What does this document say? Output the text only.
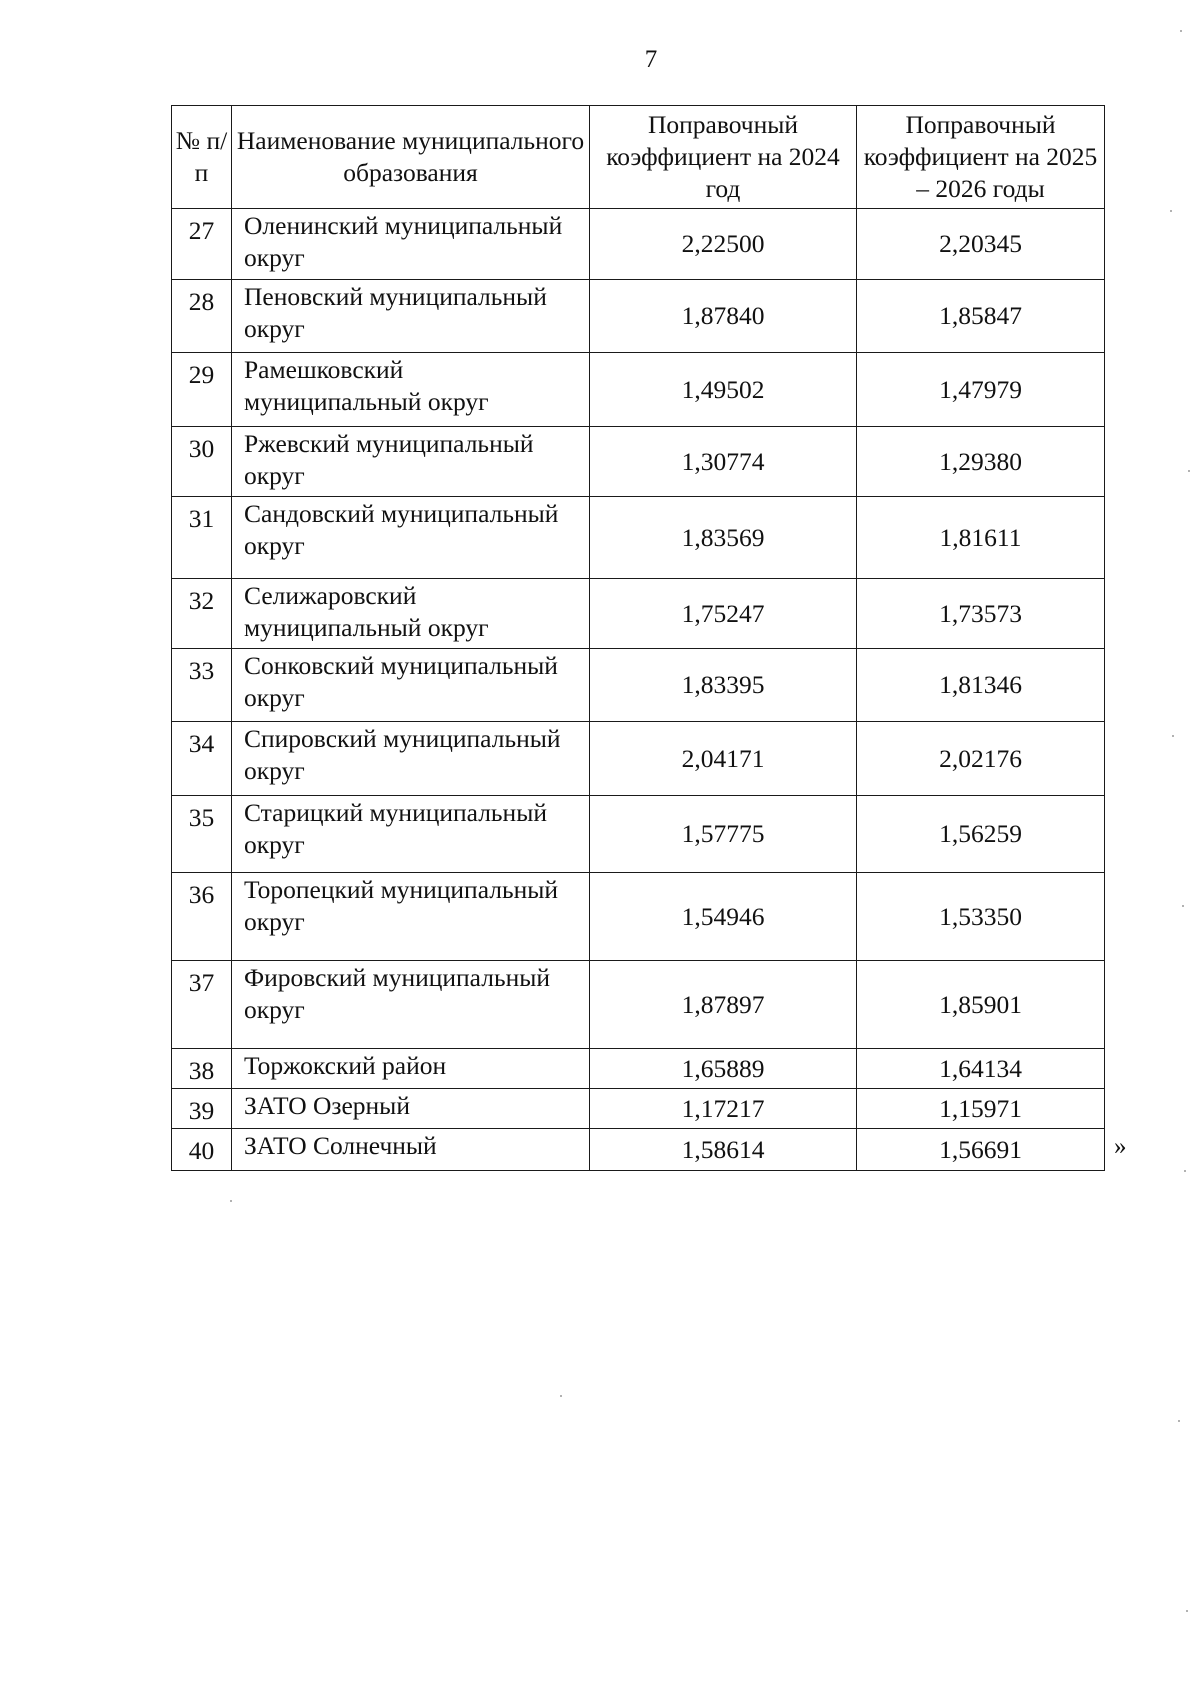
7
№ п/п	Наименование муниципального образования	Поправочный коэффициент на 2024 год	Поправочный коэффициент на 2025 – 2026 годы
27	Оленинский муниципальный округ	2,22500	2,20345
28	Пеновский муниципальный округ	1,87840	1,85847
29	Рамешковский муниципальный округ	1,49502	1,47979
30	Ржевский муниципальный округ	1,30774	1,29380
31	Сандовский муниципальный округ	1,83569	1,81611
32	Селижаровский муниципальный округ	1,75247	1,73573
33	Сонковский муниципальный округ	1,83395	1,81346
34	Спировский муниципальный округ	2,04171	2,02176
35	Старицкий муниципальный округ	1,57775	1,56259
36	Торопецкий муниципальный округ	1,54946	1,53350
37	Фировский муниципальный округ	1,87897	1,85901
38	Торжокский район	1,65889	1,64134
39	ЗАТО Озерный	1,17217	1,15971
40	ЗАТО Солнечный	1,58614	1,56691	»
